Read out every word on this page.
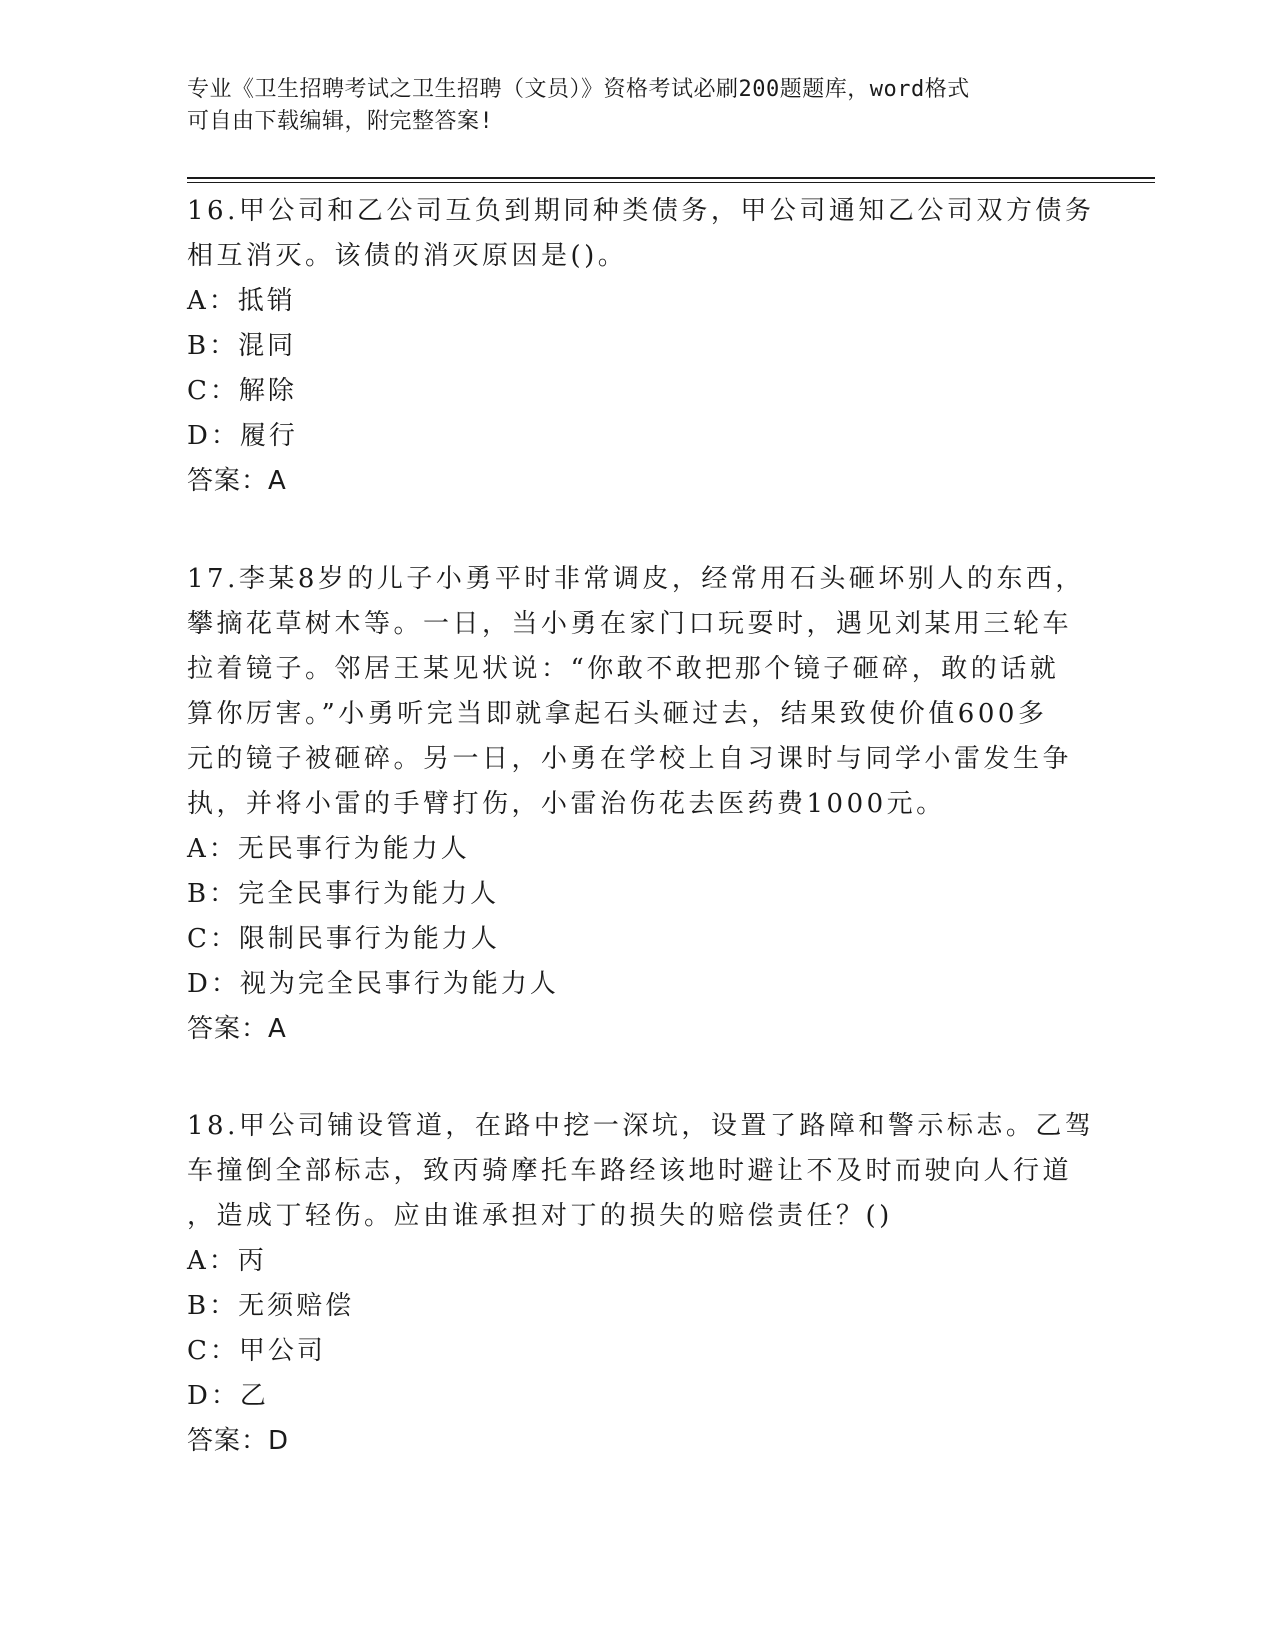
专业《卫生招聘考试之卫生招聘（文员）》资格考试必刷200题题库，word格式
可自由下载编辑，附完整答案!
16.甲公司和乙公司互负到期同种类债务，甲公司通知乙公司双方债务
相互消灭。该债的消灭原因是()。
A：抵销
B：混同
C：解除
D：履行
答案：A
17.李某8岁的儿子小勇平时非常调皮，经常用石头砸坏别人的东西，
攀摘花草树木等。一日，当小勇在家门口玩耍时，遇见刘某用三轮车
拉着镜子。邻居王某见状说：“你敢不敢把那个镜子砸碎，敢的话就
算你厉害。”小勇听完当即就拿起石头砸过去，结果致使价值600多
元的镜子被砸碎。另一日，小勇在学校上自习课时与同学小雷发生争
执，并将小雷的手臂打伤，小雷治伤花去医药费1000元。
A：无民事行为能力人
B：完全民事行为能力人
C：限制民事行为能力人
D：视为完全民事行为能力人
答案：A
18.甲公司铺设管道，在路中挖一深坑，设置了路障和警示标志。乙驾
车撞倒全部标志，致丙骑摩托车路经该地时避让不及时而驶向人行道
，造成丁轻伤。应由谁承担对丁的损失的赔偿责任？()
A：丙
B：无须赔偿
C：甲公司
D：乙
答案：D
